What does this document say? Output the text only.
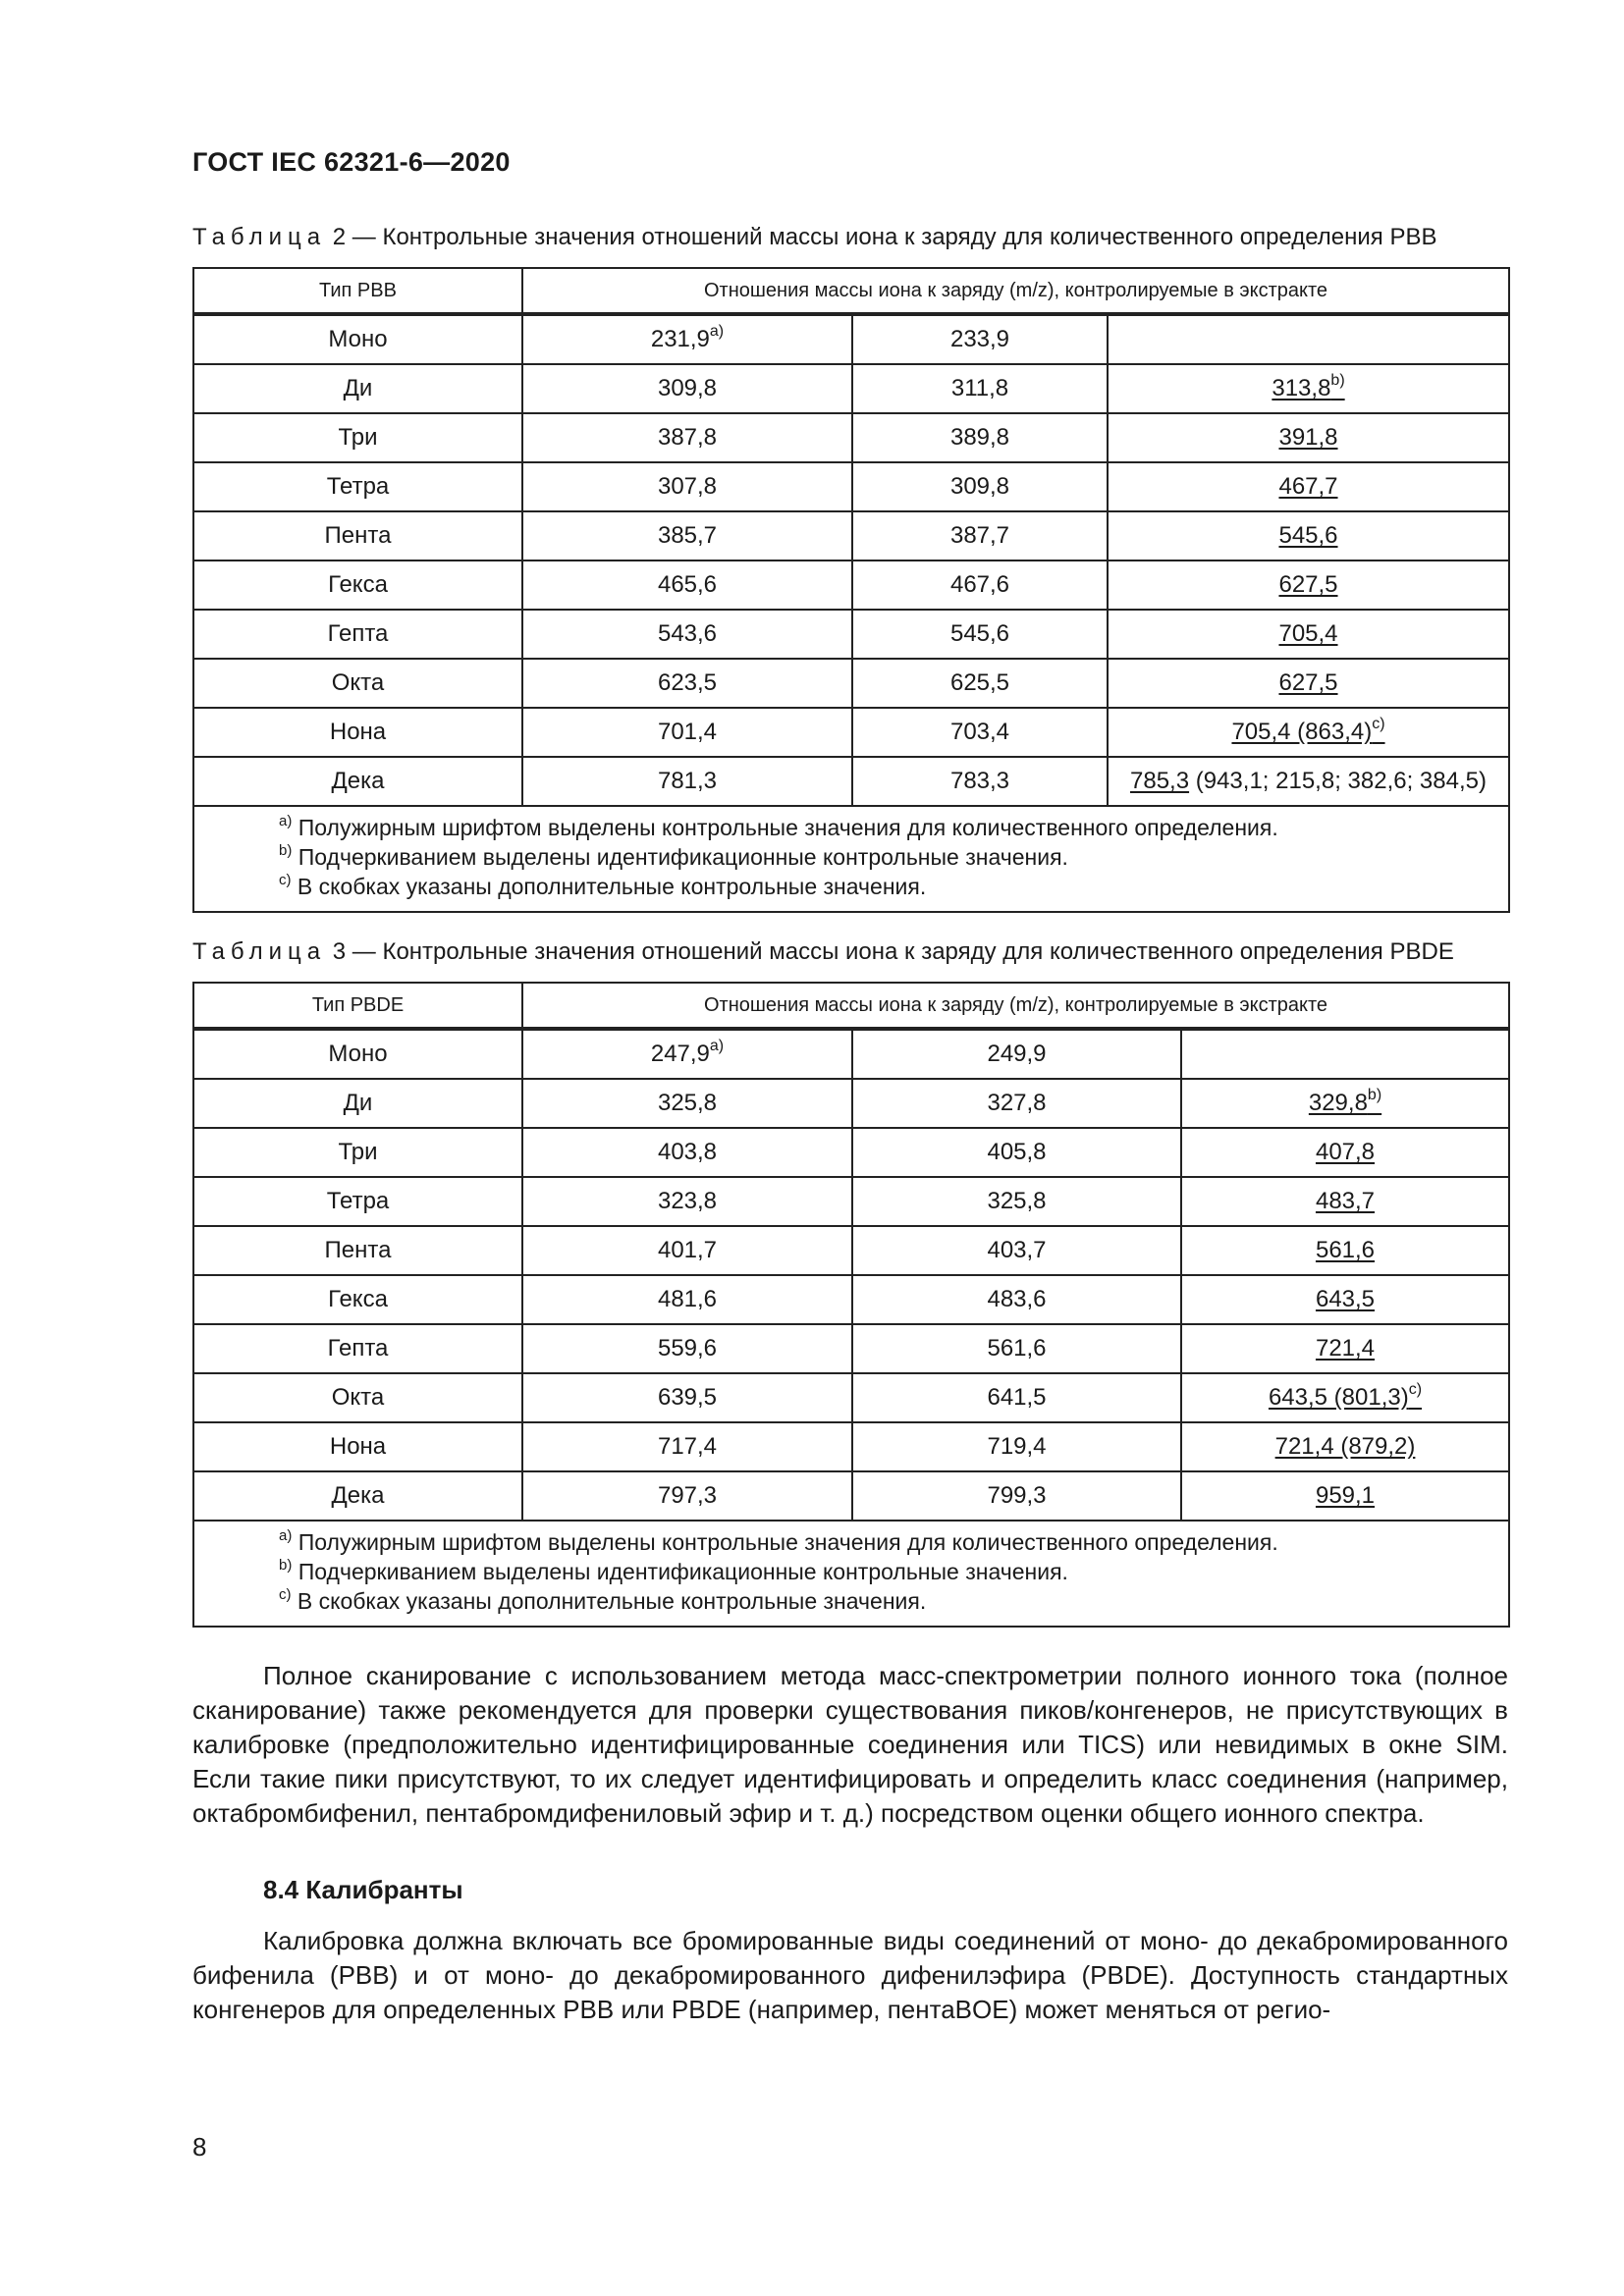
ГОСТ IEC 62321-6—2020
Таблица 2 — Контрольные значения отношений массы иона к заряду для количественного определения PBB
Тип PBB	Отношения массы иона к заряду (m/z), контролируемые в экстракте		
Моно	231,9$^{a)}$	233,9	
Ди	309,8	311,8	313,8$^{b)}$
Три	387,8	389,8	391,8
Тетра	307,8	309,8	467,7
Пента	385,7	387,7	545,6
Гекса	465,6	467,6	627,5
Гепта	543,6	545,6	705,4
Окта	623,5	625,5	627,5
Нона	701,4	703,4	705,4 $(863,4)^{c)}$
Дека	781,3	783,3	785,3 (943,1; 215,8; 382,6; 384,5)

$^{a)}$ Полужирным шрифтом выделены контрольные значения для количественного определения.
$^{b)}$ Подчеркиванием выделены идентификационные контрольные значения.
$^{c)}$ В скобках указаны дополнительные контрольные значения.			
Таблица 3 — Контрольные значения отношений массы иона к заряду для количественного определения PBDE
Тип PBDE	Отношения массы иона к заряду (m/z), контролируемые в экстракте		
Моно	247,9$^{a)}$	249,9	
Ди	325,8	327,8	329,8$^{b)}$
Три	403,8	405,8	407,8
Тетра	323,8	325,8	483,7
Пента	401,7	403,7	561,6
Гекса	481,6	483,6	643,5
Гепта	559,6	561,6	721,4
Окта	639,5	641,5	643,5 $(801,3)^{c)}$
Нона	717,4	719,4	721,4 (879,2)
Дека	797,3	799,3	959,1

$^{a)}$ Полужирным шрифтом выделены контрольные значения для количественного определения.
$^{b)}$ Подчеркиванием выделены идентификационные контрольные значения.
$^{c)}$ В скобках указаны дополнительные контрольные значения.			
Полное сканирование с использованием метода масс-спектрометрии полного ионного тока (полное сканирование) также рекомендуется для проверки существования пиков/конгенеров, не присутствующих в калибровке (предположительно идентифицированные соединения или TICS) или невидимых в окне SIM. Если такие пики присутствуют, то их следует идентифицировать и определить класс соединения (например, октабромбифенил, пентабромдифениловый эфир и т. д.) посредством оценки общего ионного спектра.
8.4 Калибранты
Калибровка должна включать все бромированные виды соединений от моно- до декабромированного бифенила (PBB) и от моно- до декабромированного дифенилэфира (PBDE). Доступность стандартных конгенеров для определенных PBB или PBDE (например, пентаBOE) может меняться от регио-
8
